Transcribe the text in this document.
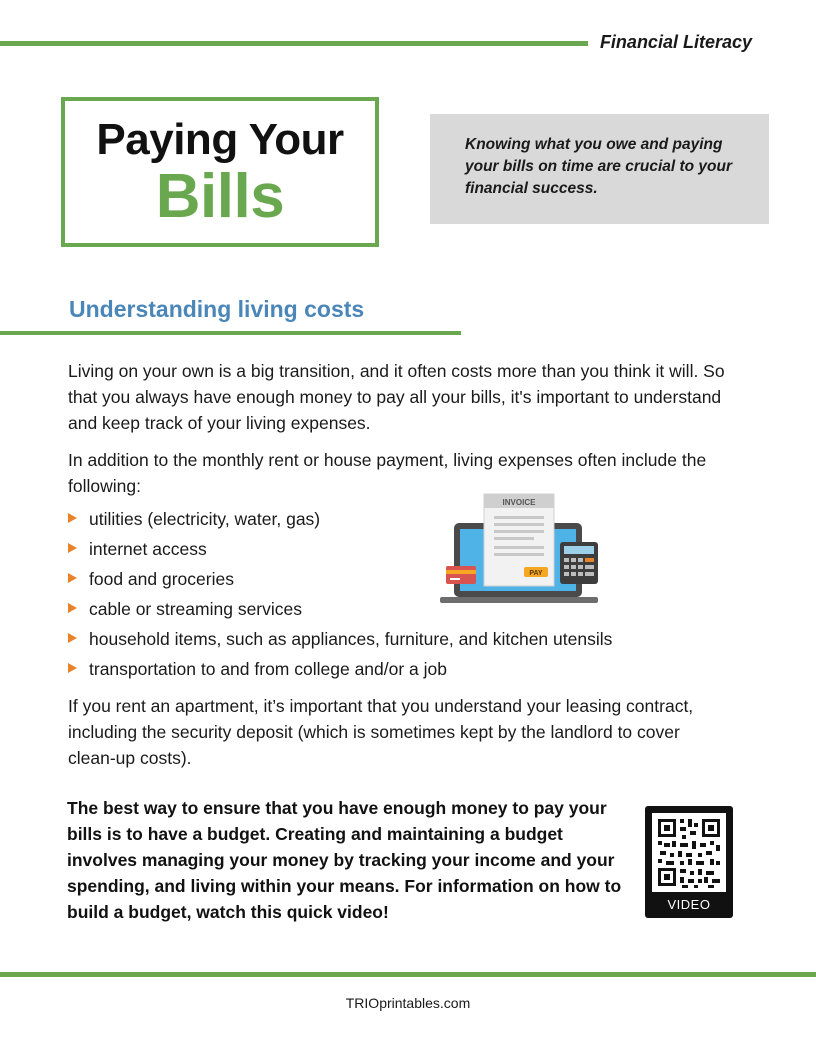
Financial Literacy
Paying Your
Bills
Knowing what you owe and paying your bills on time are crucial to your financial success.
Understanding living costs
Living on your own is a big transition, and it often costs more than you think it will. So that you always have enough money to pay all your bills, it's important to understand and keep track of your living expenses.
In addition to the monthly rent or house payment, living expenses often include the following:
utilities (electricity, water, gas)
internet access
food and groceries
cable or streaming services
household items, such as appliances, furniture, and kitchen utensils
transportation to and from college and/or a job
INVOICE
PAY
If you rent an apartment, it’s important that you understand your leasing contract, including the security deposit (which is sometimes kept by the landlord to cover clean-up costs).
The best way to ensure that you have enough money to pay your bills is to have a budget. Creating and maintaining a budget involves managing your money by tracking your income and your spending, and living within your means. For information on how to build a budget, watch this quick video!	VIDEO
TRIOprintables.com
